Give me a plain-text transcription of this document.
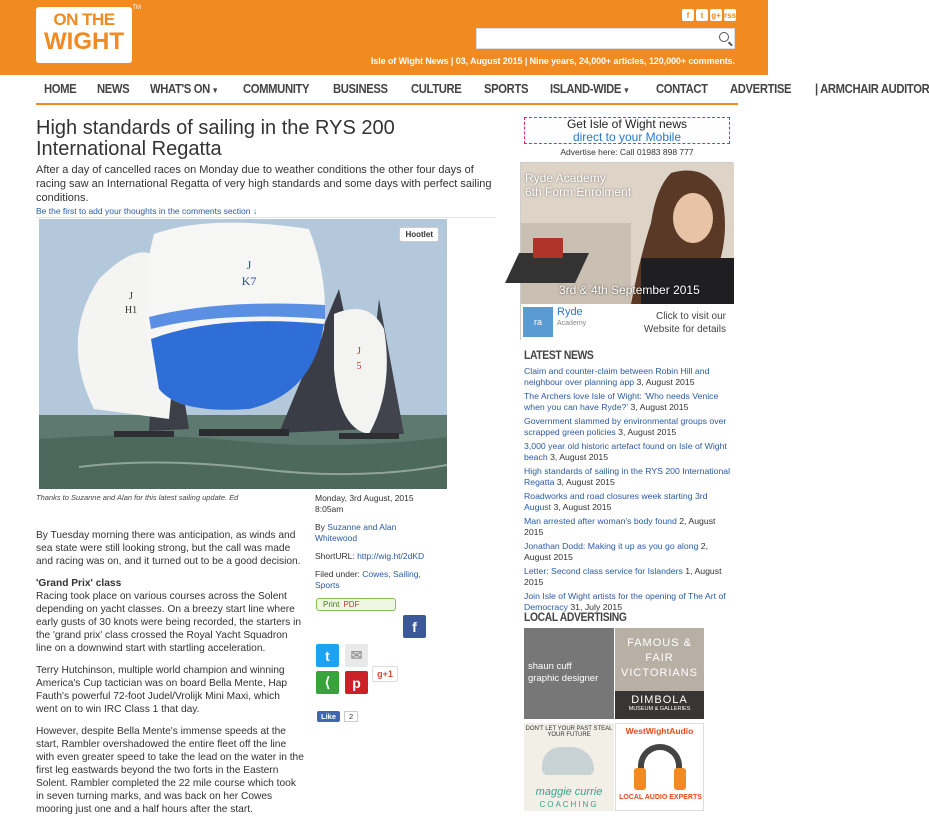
ON THE
WIGHT
TM
f	t g+ rss
Isle of Wight News | 03, August 2015 | Nine years, 24,000+ articles, 120,000+ comments.
HOME NEWS WHAT'S ON ▼ COMMUNITY BUSINESS CULTURE SPORTS ISLAND-WIDE ▼ CONTACT ADVERTISE | ARMCHAIR AUDITOR
High standards of sailing in the RYS 200 International Regatta
After a day of cancelled races on Monday due to weather conditions the other four days of racing saw an International Regatta of very high standards and some days with perfect sailing conditions.
Be the first to add your thoughts in the comments section ↓
J
K7
J
H1
J
5
Hootlet
Thanks to Suzanne and Alan for this latest sailing update. Ed	Monday, 3rd August, 2015
8:05am
By Suzanne and Alan Whitewood
ShortURL: http://wig.ht/2dKD
Filed under: Cowes, Sailing, Sports
Print PDF
f
t	✉
⟨	p
g+1
Like	2

By Tuesday morning there was anticipation, as winds and sea state were still looking strong, but the call was made and racing was on, and it turned out to be a good decision.

'Grand Prix' class

Racing took place on various courses across the Solent depending on yacht classes. On a breezy start line where early gusts of 30 knots were being recorded, the starters in the 'grand prix' class crossed the Royal Yacht Squadron line on a downwind start with startling acceleration.

Terry Hutchinson, multiple world champion and winning America's Cup tactician was on board Bella Mente, Hap Fauth's powerful 72-foot Judel/Vrolijk Mini Maxi, which went on to win IRC Class 1 that day.

However, despite Bella Mente's immense speeds at the start, Rambler overshadowed the entire fleet off the line with even greater speed to take the lead on the water in the first leg eastwards beyond the two forts in the Eastern Solent. Rambler completed the 22 mile course which took in seven turning marks, and was back on her Cowes mooring just one and a half hours after the start.

Get Isle of Wight news
direct to your Mobile
Advertise here: Call 01983 898 777
Ryde Academy
6th Form Enrolment
3rd & 4th September 2015
ra
Ryde
Academy
Click to visit our
Website for details
LATEST NEWS
Claim and counter-claim between Robin Hill and neighbour over planning app 3, August 2015
The Archers love Isle of Wight: 'Who needs Venice when you can have Ryde?' 3, August 2015
Government slammed by environmental groups over scrapped green policies 3, August 2015
3,000 year old historic artefact found on Isle of Wight beach 3, August 2015
High standards of sailing in the RYS 200 International Regatta 3, August 2015
Roadworks and road closures week starting 3rd August 3, August 2015
Man arrested after woman's body found 2, August 2015
Jonathan Dodd: Making it up as you go along 2, August 2015
Letter: Second class service for Islanders 1, August 2015
Join Isle of Wight artists for the opening of The Art of Democracy 31, July 2015
LOCAL ADVERTISING
shaun cuff
graphic designer
FAMOUS & FAIR VICTORIANS
DIMBOLA
MUSEUM & GALLERIES
DON'T LET YOUR PAST STEAL YOUR FUTURE
maggie currie
COACHING
WestWightAudio
LOCAL AUDIO EXPERTS
